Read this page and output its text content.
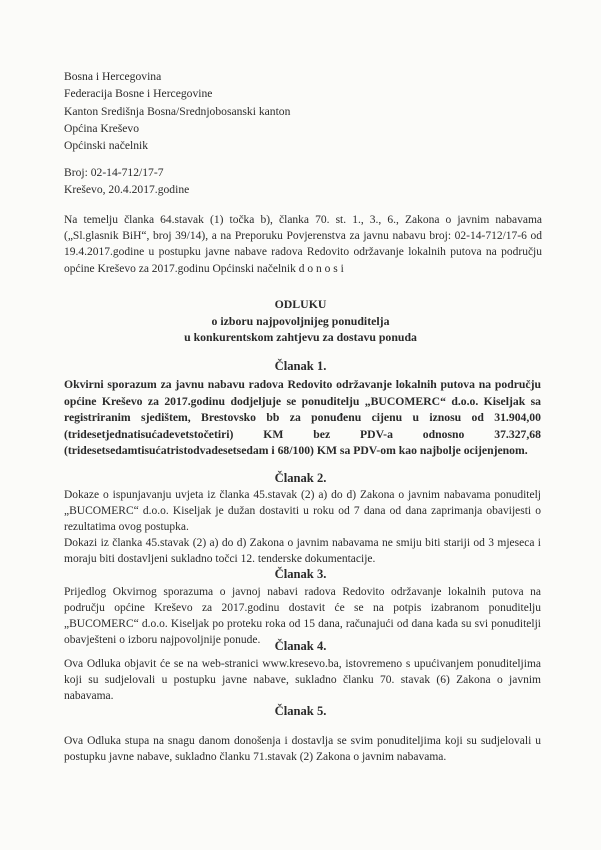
Bosna i Hercegovina
Federacija Bosne i Hercegovine
Kanton Središnja Bosna/Srednjobosanski kanton
Općina Kreševo
Općinski načelnik
Broj: 02-14-712/17-7
Kreševo, 20.4.2017.godine
Na temelju članka 64.stavak (1) točka b), članka 70. st. 1., 3., 6., Zakona o javnim nabavama („Sl.glasnik BiH“, broj 39/14), a na Preporuku Povjerenstva za javnu nabavu broj: 02-14-712/17-6 od 19.4.2017.godine u postupku javne nabave radova Redovito održavanje lokalnih putova na području općine Kreševo za 2017.godinu Općinski načelnik d o n o s i
ODLUKU
o izboru najpovoljnijeg ponuditelja
u konkurentskom zahtjevu za dostavu ponuda
Članak 1.
Okvirni sporazum za javnu nabavu radova Redovito održavanje lokalnih putova na području općine Kreševo za 2017.godinu dodjeljuje se ponuditelju „BUCOMERC“ d.o.o. Kiseljak sa registriranim sjedištem, Brestovsko bb za ponuđenu cijenu u iznosu od 31.904,00 (tridesetjednatisućadevetstočetiri) KM bez PDV-a odnosno 37.327,68 (tridesetsedamtisućatristodvadesetsedam i 68/100) KM sa PDV-om kao najbolje ocijenjenom.
Članak 2.
Dokaze o ispunjavanju uvjeta iz članka 45.stavak (2) a) do d) Zakona o javnim nabavama ponuditelj „BUCOMERC“ d.o.o. Kiseljak je dužan dostaviti u roku od 7 dana od dana zaprimanja obavijesti o rezultatima ovog postupka.
Dokazi iz članka 45.stavak (2) a) do d) Zakona o javnim nabavama ne smiju biti stariji od 3 mjeseca i moraju biti dostavljeni sukladno točci 12. tenderske dokumentacije.
Članak 3.
Prijedlog Okvirnog sporazuma o javnoj nabavi radova Redovito održavanje lokalnih putova na području općine Kreševo za 2017.godinu dostavit će se na potpis izabranom ponuditelju „BUCOMERC“ d.o.o. Kiseljak po proteku roka od 15 dana, računajući od dana kada su svi ponuditelji obavješteni o izboru najpovoljnije ponude.	Članak 4.
Ova Odluka objavit će se na web-stranici www.kresevo.ba, istovremeno s upućivanjem ponuditeljima koji su sudjelovali u postupku javne nabave, sukladno članku 70. stavak (6) Zakona o javnim nabavama.
Članak 5.
Ova Odluka stupa na snagu danom donošenja i dostavlja se svim ponuditeljima koji su sudjelovali u postupku javne nabave, sukladno članku 71.stavak (2) Zakona o javnim nabavama.
